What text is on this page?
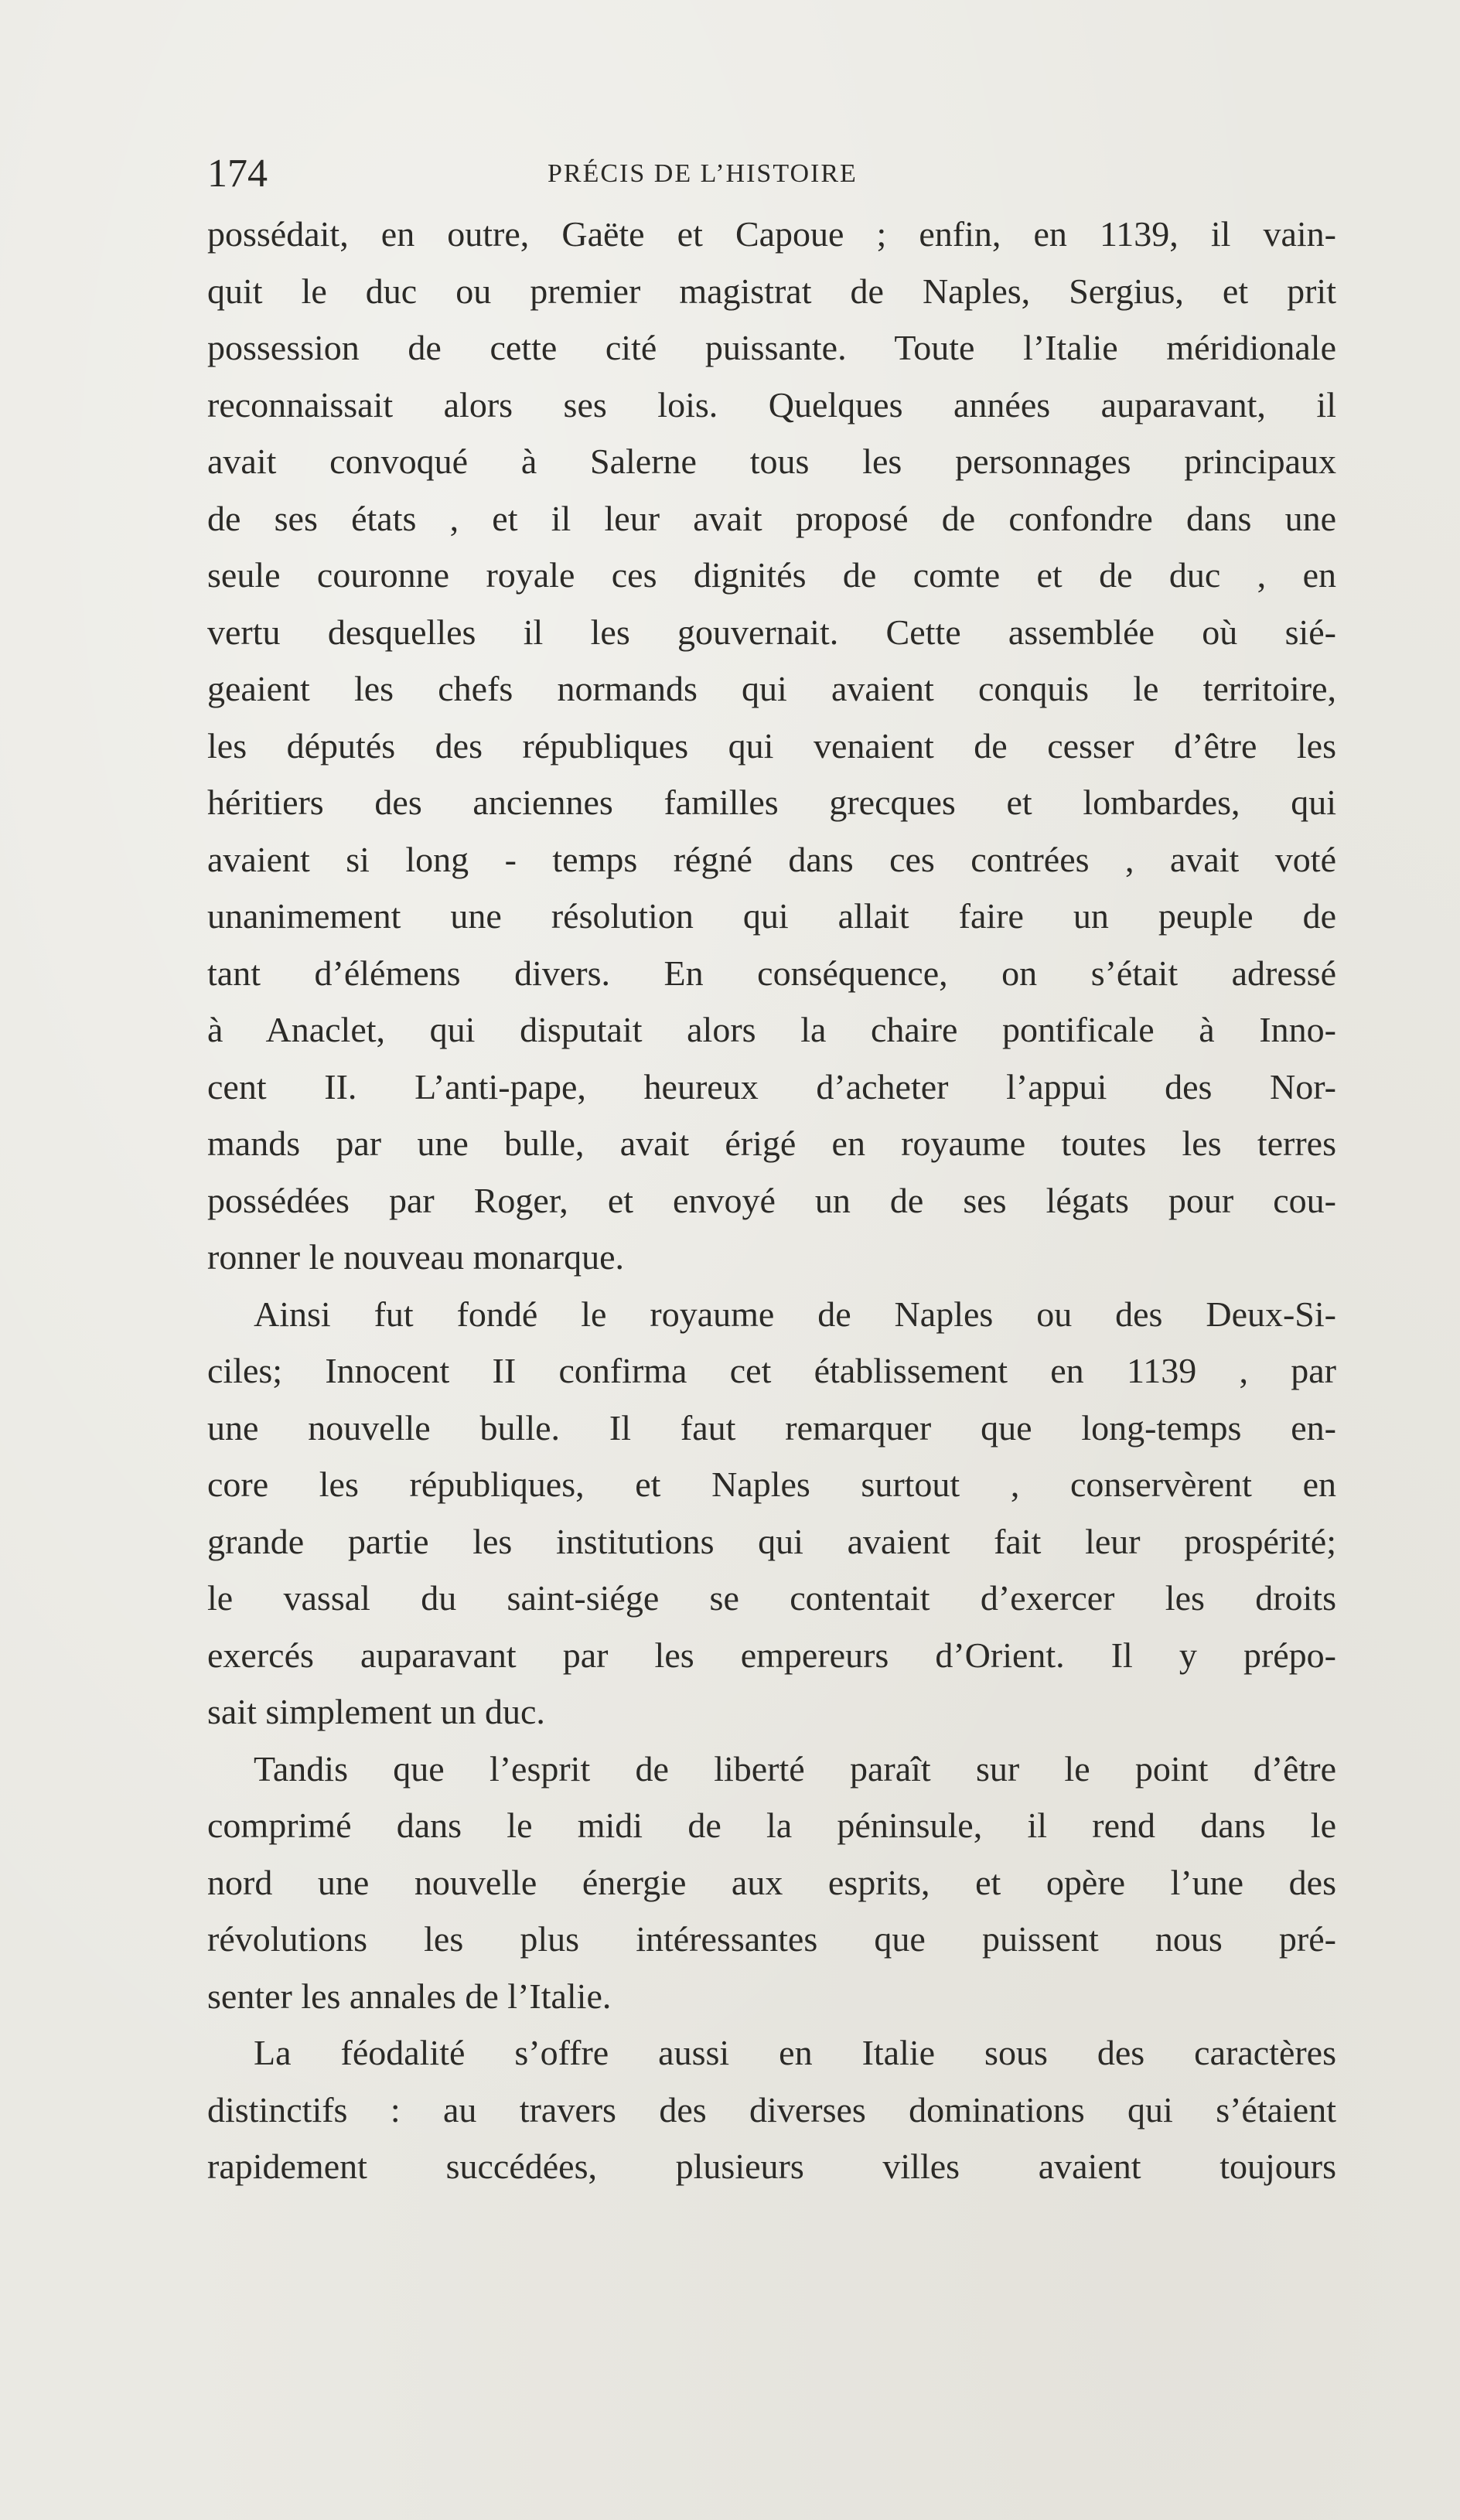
174	PRÉCIS DE L’HISTOIRE
possédait, en outre, Gaëte et Capoue ; enfin, en 1139, il vain-
quit le duc ou premier magistrat de Naples, Sergius, et prit
possession de cette cité puissante. Toute l’Italie méridionale
reconnaissait alors ses lois. Quelques années auparavant, il
avait convoqué à Salerne tous les personnages principaux
de ses états , et il leur avait proposé de confondre dans une
seule couronne royale ces dignités de comte et de duc , en
vertu desquelles il les gouvernait. Cette assemblée où sié-
geaient les chefs normands qui avaient conquis le territoire,
les députés des républiques qui venaient de cesser d’être les
héritiers des anciennes familles grecques et lombardes, qui
avaient si long - temps régné dans ces contrées , avait voté
unanimement une résolution qui allait faire un peuple de
tant d’élémens divers. En conséquence, on s’était adressé
à Anaclet, qui disputait alors la chaire pontificale à Inno-
cent II. L’anti-pape, heureux d’acheter l’appui des Nor-
mands par une bulle, avait érigé en royaume toutes les terres
possédées par Roger, et envoyé un de ses légats pour cou-
ronner le nouveau monarque.
Ainsi fut fondé le royaume de Naples ou des Deux-Si-
ciles; Innocent II confirma cet établissement en 1139 , par
une nouvelle bulle. Il faut remarquer que long-temps en-
core les républiques, et Naples surtout , conservèrent en
grande partie les institutions qui avaient fait leur prospérité;
le vassal du saint-siége se contentait d’exercer les droits
exercés auparavant par les empereurs d’Orient. Il y prépo-
sait simplement un duc.
Tandis que l’esprit de liberté paraît sur le point d’être
comprimé dans le midi de la péninsule, il rend dans le
nord une nouvelle énergie aux esprits, et opère l’une des
révolutions les plus intéressantes que puissent nous pré-
senter les annales de l’Italie.
La féodalité s’offre aussi en Italie sous des caractères
distinctifs : au travers des diverses dominations qui s’étaient
rapidement succédées, plusieurs villes avaient toujours
